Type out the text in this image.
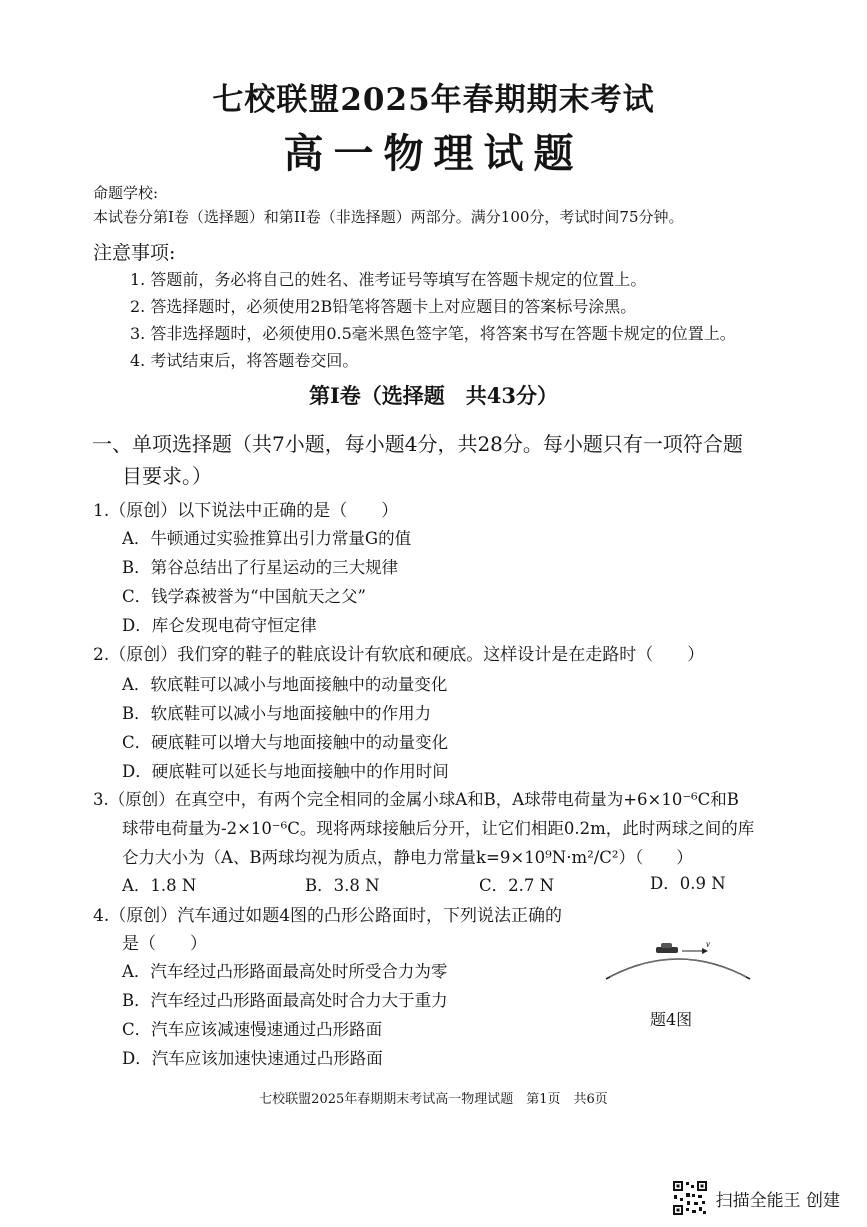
七校联盟2025年春期期末考试
高一物理试题
命题学校:
本试卷分第I卷（选择题）和第II卷（非选择题）两部分。满分100分，考试时间75分钟。
注意事项:
1. 答题前，务必将自己的姓名、准考证号等填写在答题卡规定的位置上。
2. 答选择题时，必须使用2B铅笔将答题卡上对应题目的答案标号涂黑。
3. 答非选择题时，必须使用0.5毫米黑色签字笔，将答案书写在答题卡规定的位置上。
4. 考试结束后，将答题卷交回。
第I卷（选择题　共43分）
一、单项选择题（共7小题，每小题4分，共28分。每小题只有一项符合题
目要求。）
1.（原创）以下说法中正确的是（　　）
A．牛顿通过实验推算出引力常量G的值
B．第谷总结出了行星运动的三大规律
C．钱学森被誉为“中国航天之父”
D．库仑发现电荷守恒定律
2.（原创）我们穿的鞋子的鞋底设计有软底和硬底。这样设计是在走路时（　　）
A．软底鞋可以减小与地面接触中的动量变化
B．软底鞋可以减小与地面接触中的作用力
C．硬底鞋可以增大与地面接触中的动量变化
D．硬底鞋可以延长与地面接触中的作用时间
3.（原创）在真空中，有两个完全相同的金属小球A和B，A球带电荷量为+6×10⁻⁶C和B
球带电荷量为-2×10⁻⁶C。现将两球接触后分开，让它们相距0.2m，此时两球之间的库
仑力大小为（A、B两球均视为质点，静电力常量k=9×10⁹N·m²/C²）（　　）
A．1.8 N	B．3.8 N	C．2.7 N	D．0.9 N
4.（原创）汽车通过如题4图的凸形公路面时，下列说法正确的
是（　　）
A．汽车经过凸形路面最高处时所受合力为零
B．汽车经过凸形路面最高处时合力大于重力
C．汽车应该减速慢速通过凸形路面
D．汽车应该加速快速通过凸形路面
v
题4图
七校联盟2025年春期期末考试高一物理试题　第1页　共6页
扫描全能王 创建
